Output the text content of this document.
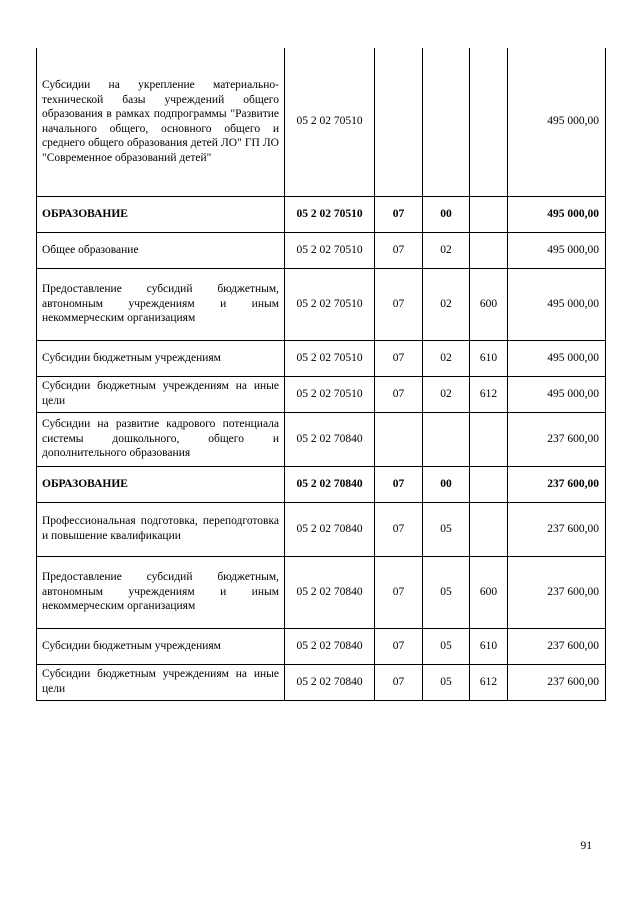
Субсидии на укрепление материально-технической базы учреждений общего образования в рамках подпрограммы "Развитие начального общего, основного общего и среднего общего образования детей ЛО" ГП ЛО "Современное образований детей"	05 2 02 70510				495 000,00
ОБРАЗОВАНИЕ	05 2 02 70510	07	00		495 000,00
Общее образование	05 2 02 70510	07	02		495 000,00
Предоставление субсидий бюджетным, автономным учреждениям и иным некоммерческим организациям	05 2 02 70510	07	02	600	495 000,00
Субсидии бюджетным учреждениям	05 2 02 70510	07	02	610	495 000,00
Субсидии бюджетным учреждениям на иные цели	05 2 02 70510	07	02	612	495 000,00
Субсидии на развитие кадрового потенциала системы дошкольного, общего и дополнительного образования	05 2 02 70840				237 600,00
ОБРАЗОВАНИЕ	05 2 02 70840	07	00		237 600,00
Профессиональная подготовка, переподготовка и повышение квалификации	05 2 02 70840	07	05		237 600,00
Предоставление субсидий бюджетным, автономным учреждениям и иным некоммерческим организациям	05 2 02 70840	07	05	600	237 600,00
Субсидии бюджетным учреждениям	05 2 02 70840	07	05	610	237 600,00
Субсидии бюджетным учреждениям на иные цели	05 2 02 70840	07	05	612	237 600,00
91
